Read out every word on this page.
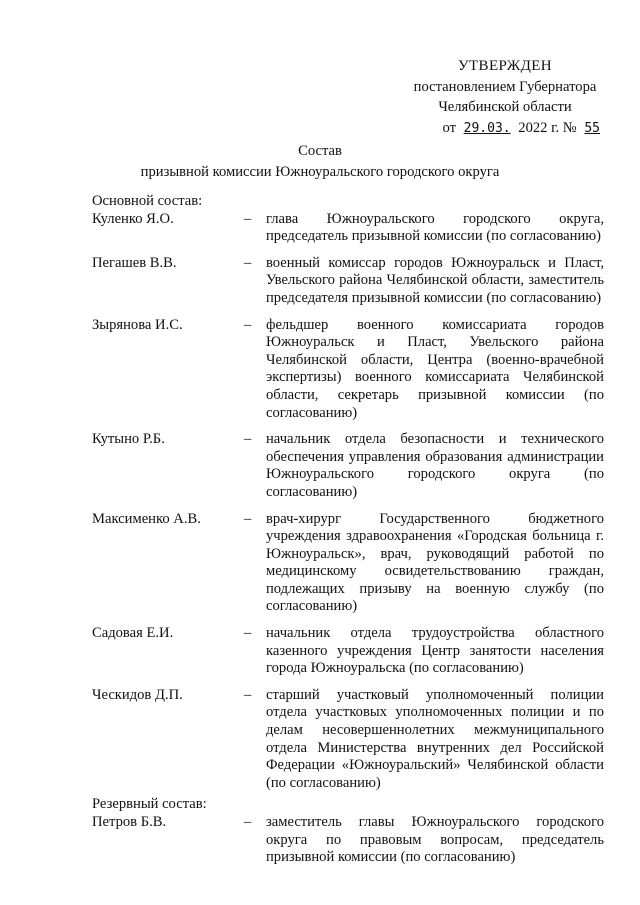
УТВЕРЖДЕН
постановлением Губернатора
Челябинской области
от 29.03. 2022 г. № 55
Состав
призывной комиссии Южноуральского городского округа
Основной состав:
Куленко Я.О.	–	глава Южноуральского городского округа, председатель призывной комиссии (по согласованию)
Пегашев В.В.	–	военный комиссар городов Южноуральск и Пласт, Увельского района Челябинской области, заместитель председателя призывной комиссии (по согласованию)
Зырянова И.С.	–	фельдшер военного комиссариата городов Южноуральск и Пласт, Увельского района Челябинской области, Центра (военно-врачебной экспертизы) военного комиссариата Челябинской области, секретарь призывной комиссии (по согласованию)
Кутыно Р.Б.	–	начальник отдела безопасности и технического обеспечения управления образования администрации Южноуральского городского округа (по согласованию)
Максименко А.В.	–	врач-хирург Государственного бюджетного учреждения здравоохранения «Городская больница г. Южноуральск», врач, руководящий работой по медицинскому освидетельствованию граждан, подлежащих призыву на военную службу (по согласованию)
Садовая Е.И.	–	начальник отдела трудоустройства областного казенного учреждения Центр занятости населения города Южноуральска (по согласованию)
Ческидов Д.П.	–	старший участковый уполномоченный полиции отдела участковых уполномоченных полиции и по делам несовершеннолетних межмуниципального отдела Министерства внутренних дел Российской Федерации «Южноуральский» Челябинской области (по согласованию)
Резервный состав:
Петров Б.В.	–	заместитель главы Южноуральского городского округа по правовым вопросам, председатель призывной комиссии (по согласованию)
